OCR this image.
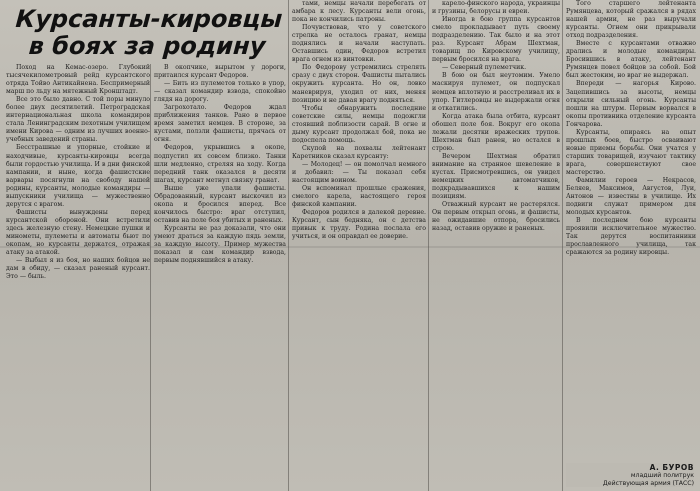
Курсанты-кировцы
в боях за родину

Поход на Кемас-озеро. Глубокий тысячекилометровый рейд курсантского отряда Тойво Антикайнена. Беспримерный марш по льду на мятежный Кронштадт.

Все это было давно. С той поры минуло более двух десятилетий. Петроградская интернациональная школа командиров стала Ленинградским пехотным училищем имени Кирова — одним из лучших военно-учебных заведений страны.

Бесстрашные и упорные, стойкие и находчивые, курсанты-кировцы всегда были гордостью училища. И в дни финской кампании, и ныне, когда фашистские варвары посягнули на свободу нашей родины, курсанты, молодые командиры — выпускники училища — мужественно дерутся с врагом.

Фашисты вынуждены перед курсантской обороной. Они встретили здесь железную стену. Немецкие пушки и минометы, пулеметы и автоматы бьют по окопам, но курсанты держатся, отражая атаку за атакой.

— Выбыл я из боя, но наших бойцов не дам в обиду, — сказал раненый курсант. Это — быль.

В окопчике, вырытом у дороги, притаился курсант Федоров.

— Бить из пулеметов только в упор, — сказал командир взвода, спокойно глядя на дорогу.

Загрохотало. Федоров ждал приближения танков. Рано в первое время заметил немцев. В стороне, за кустами, ползли фашисты, прячась от огня.

Федоров, укрывшись в окопе, подпустил их совсем близко. Танки шли медленно, стреляя на ходу. Когда передний танк оказался в десяти шагах, курсант метнул связку гранат.

Выше уже упали фашисты. Обрадованный, курсант выскочил из окопа и бросился вперед. Все кончилось быстро: враг отступил, оставив на поле боя убитых и раненых.

Курсанты не раз доказали, что они умеют драться за каждую пядь земли, за каждую высоту. Пример мужества показал и сам командир взвода, первым поднявшийся в атаку.

тами, немцы начали перебегать от амбара к лесу. Курсанты вели огонь, пока не кончились патроны.

Почувствовав, что у советского стрелка не осталось гранат, немцы поднялись и начали наступать. Оставшись один, Федоров встретил врага огнем из винтовки.

По Федорову устремились стрелять сразу с двух сторон. Фашисты пытались окружить курсанта. Но он, ловко маневрируя, уходил от них, меняя позицию и не давая врагу подняться.

Чтобы обнаружить последние советские силы, немцы подожгли стоявший поблизости сарай. В огне и дыму курсант продолжал бой, пока не подоспела помощь.

Скупой на похвалы лейтенант Каретников сказал курсанту:

— Молодец! — он помолчал немного и добавил: — Ты показал себя настоящим воином.

Он вспоминал прошлые сражения, смелого карела, настоящего героя финской кампании.

Федоров родился в далекой деревне. Курсант, сын бедняка, он с детства привык к труду. Родина послала его учиться, и он оправдал ее доверие.

карело-финского народа, украинцы и грузины, белорусы и евреи.

Иногда в бою группа курсантов смело прокладывает путь своему подразделению. Так было и на этот раз. Курсант Абрам Шехтман, товарищ по Кировскому училищу, первым бросился на врага.

— Северный пулеметчик.

В бою он был неутомим. Умело маскируя пулемет, он подпускал немцев вплотную и расстреливал их в упор. Гитлеровцы не выдержали огня и откатились.

Когда атака была отбита, курсант обошел поле боя. Вокруг его окопа лежали десятки вражеских трупов. Шехтман был ранен, но остался в строю.

Вечером Шехтман обратил внимание на странное шевеление в кустах. Присмотревшись, он увидел немецких автоматчиков, подкрадывавшихся к нашим позициям.

Отважный курсант не растерялся. Он первым открыл огонь, и фашисты, не ожидавшие отпора, бросились назад, оставив оружие и раненых.

Того старшего лейтенанта Румянцева, который сражался в рядах нашей армии, не раз выручали курсанты. Огнем они прикрывали отход подразделения.

Вместе с курсантами отважно дрались и молодые командиры. Бросившись в атаку, лейтенант Румянцев повел бойцов за собой. Бой был жестоким, но враг не выдержал.

Впереди — нагорья Кирово. Зацепившись за высоты, немцы открыли сильный огонь. Курсанты пошли на штурм. Первым ворвался в окопы противника отделение курсанта Гончарова.

Курсанты, опираясь на опыт прошлых боев, быстро осваивают новые приемы борьбы. Они учатся у старших товарищей, изучают тактику врага, совершенствуют свое мастерство.

Фамилии героев — Некрасов, Беляев, Максимов, Августов, Луи, Антонов — известны в училище. Их подвиги служат примером для молодых курсантов.

В последнем бою курсанты проявили исключительное мужество. Так дерутся воспитанники прославленного училища, так сражаются за родину кировцы.

А. БУРОВ
младший политрук
Действующая армия (ТАСС)
